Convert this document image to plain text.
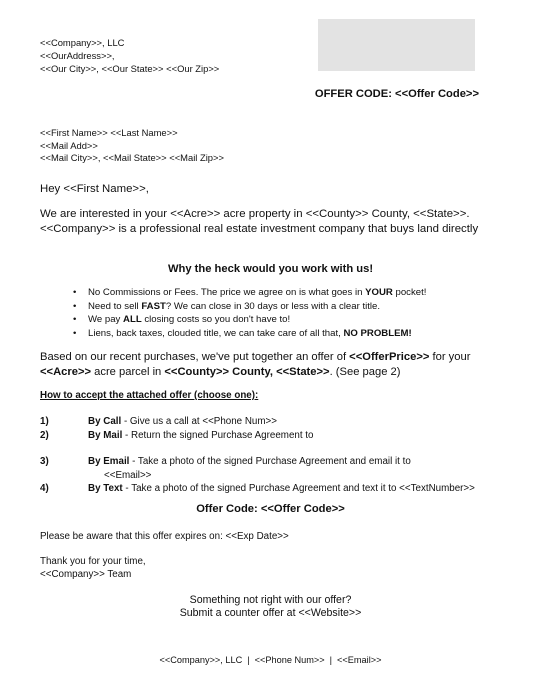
<<Company>>, LLC
<<OurAddress>>,
<<Our City>>, <<Our State>> <<Our Zip>>
OFFER CODE: <<Offer Code>>
<<First Name>> <<Last Name>>
<<Mail Add>>
<<Mail City>>, <<Mail State>> <<Mail Zip>>
Hey <<First Name>>,
We are interested in your <<Acre>> acre property in <<County>> County, <<State>>.
<<Company>> is a professional real estate investment company that buys land directly
Why the heck would you work with us!
• No Commissions or Fees. The price we agree on is what goes in YOUR pocket!
• Need to sell FAST? We can close in 30 days or less with a clear title.
• We pay ALL closing costs so you don't have to!
• Liens, back taxes, clouded title, we can take care of all that, NO PROBLEM!
Based on our recent purchases, we've put together an offer of <<OfferPrice>> for your
<<Acre>> acre parcel in <<County>> County, <<State>>. (See page 2)
How to accept the attached offer (choose one):
1)	By Call - Give us a call at <<Phone Num>>
2)	By Mail - Return the signed Purchase Agreement to
3)	By Email - Take a photo of the signed Purchase Agreement and email it to
<<Email>>
4)	By Text - Take a photo of the signed Purchase Agreement and text it to <<TextNumber>>
Offer Code: <<Offer Code>>
Please be aware that this offer expires on: <<Exp Date>>
Thank you for your time,
<<Company>> Team
Something not right with our offer?
Submit a counter offer at <<Website>>
<<Company>>, LLC | <<Phone Num>> | <<Email>>
